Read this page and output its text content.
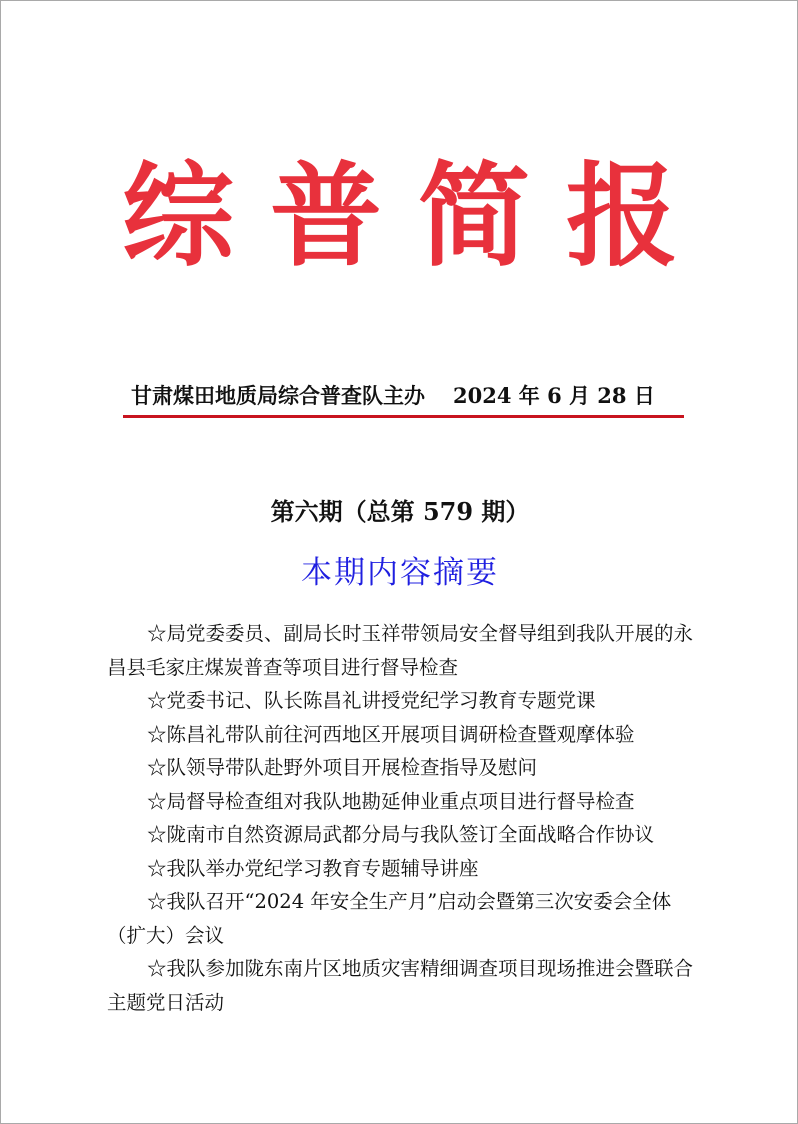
综 普 简 报
甘肃煤田地质局综合普查队主办 2024 年 6 月 28 日
第六期（总第 579 期）
本期内容摘要

☆局党委委员、副局长时玉祥带领局安全督导组到我队开展的永昌县毛家庄煤炭普查等项目进行督导检查

☆党委书记、队长陈昌礼讲授党纪学习教育专题党课

☆陈昌礼带队前往河西地区开展项目调研检查暨观摩体验

☆队领导带队赴野外项目开展检查指导及慰问

☆局督导检查组对我队地勘延伸业重点项目进行督导检查

☆陇南市自然资源局武都分局与我队签订全面战略合作协议

☆我队举办党纪学习教育专题辅导讲座

☆我队召开“2024 年安全生产月”启动会暨第三次安委会全体（扩大）会议

☆我队参加陇东南片区地质灾害精细调查项目现场推进会暨联合主题党日活动
